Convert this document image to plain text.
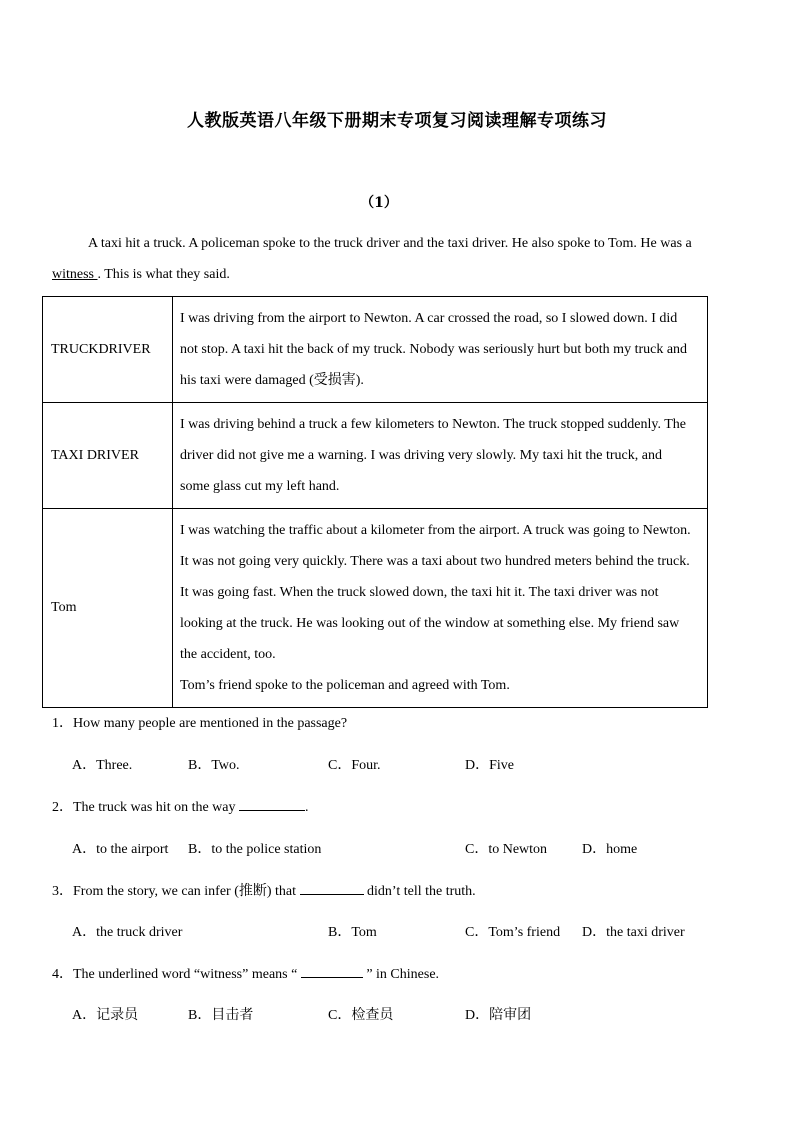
人教版英语八年级下册期末专项复习阅读理解专项练习
（1）
A taxi hit a truck. A policeman spoke to the truck driver and the taxi driver. He also spoke to Tom. He was a witness . This is what they said.
TRUCKDRIVER	I was driving from the airport to Newton. A car crossed the road, so I slowed down. I did not stop. A taxi hit the back of my truck. Nobody was seriously hurt but both my truck and his taxi were damaged (受损害).
TAXI DRIVER	I was driving behind a truck a few kilometers to Newton. The truck stopped suddenly. The driver did not give me a warning. I was driving very slowly. My taxi hit the truck, and some glass cut my left hand.
Tom	I was watching the traffic about a kilometer from the airport. A truck was going to Newton. It was not going very quickly. There was a taxi about two hundred meters behind the truck. It was going fast. When the truck slowed down, the taxi hit it. The taxi driver was not looking at the truck. He was looking out of the window at something else. My friend saw the accident, too.
Tom’s friend spoke to the policeman and agreed with Tom.
1．How many people are mentioned in the passage?
A．Three.	B．Two.	C．Four.	D．Five
2．The truck was hit on the way	.
A．to the airport B．to the police station	C．to Newton D．home
3．From the story, we can infer (推断) that	didn’t tell the truth.
A．the truck driver	B．Tom	C．Tom’s friend D．the taxi driver
4．The underlined word “witness” means “	” in Chinese.
A．记录员	B．目击者	C．检查员	D．陪审团
